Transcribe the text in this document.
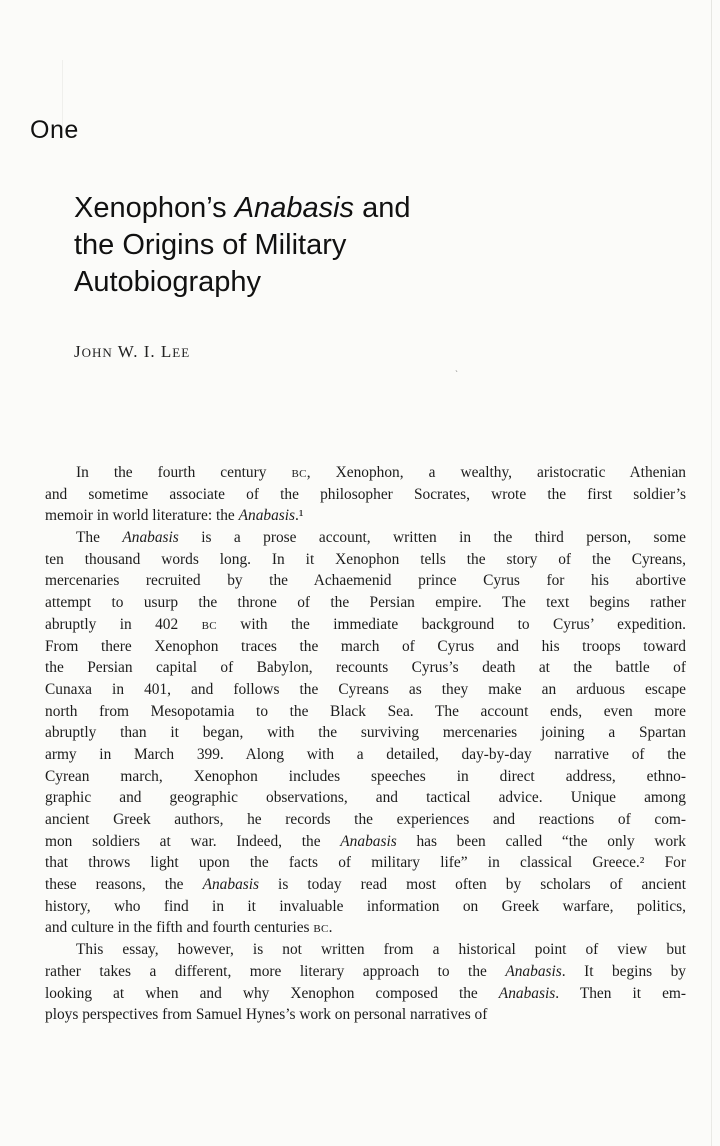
One
Xenophon’s Anabasis and
the Origins of Military
Autobiography
JOHN W. I. LEE
ˎ
In the fourth century BC, Xenophon, a wealthy, aristocratic Athenian
and sometime associate of the philosopher Socrates, wrote the first soldier’s
memoir in world literature: the Anabasis.¹
The Anabasis is a prose account, written in the third person, some
ten thousand words long. In it Xenophon tells the story of the Cyreans,
mercenaries recruited by the Achaemenid prince Cyrus for his abortive
attempt to usurp the throne of the Persian empire. The text begins rather
abruptly in 402 BC with the immediate background to Cyrus’ expedition.
From there Xenophon traces the march of Cyrus and his troops toward
the Persian capital of Babylon, recounts Cyrus’s death at the battle of
Cunaxa in 401, and follows the Cyreans as they make an arduous escape
north from Mesopotamia to the Black Sea. The account ends, even more
abruptly than it began, with the surviving mercenaries joining a Spartan
army in March 399. Along with a detailed, day-by-day narrative of the
Cyrean march, Xenophon includes speeches in direct address, ethno-
graphic and geographic observations, and tactical advice. Unique among
ancient Greek authors, he records the experiences and reactions of com-
mon soldiers at war. Indeed, the Anabasis has been called “the only work
that throws light upon the facts of military life” in classical Greece.² For
these reasons, the Anabasis is today read most often by scholars of ancient
history, who find in it invaluable information on Greek warfare, politics,
and culture in the fifth and fourth centuries BC.
This essay, however, is not written from a historical point of view but
rather takes a different, more literary approach to the Anabasis. It begins by
looking at when and why Xenophon composed the Anabasis. Then it em-
ploys perspectives from Samuel Hynes’s work on personal narratives of
